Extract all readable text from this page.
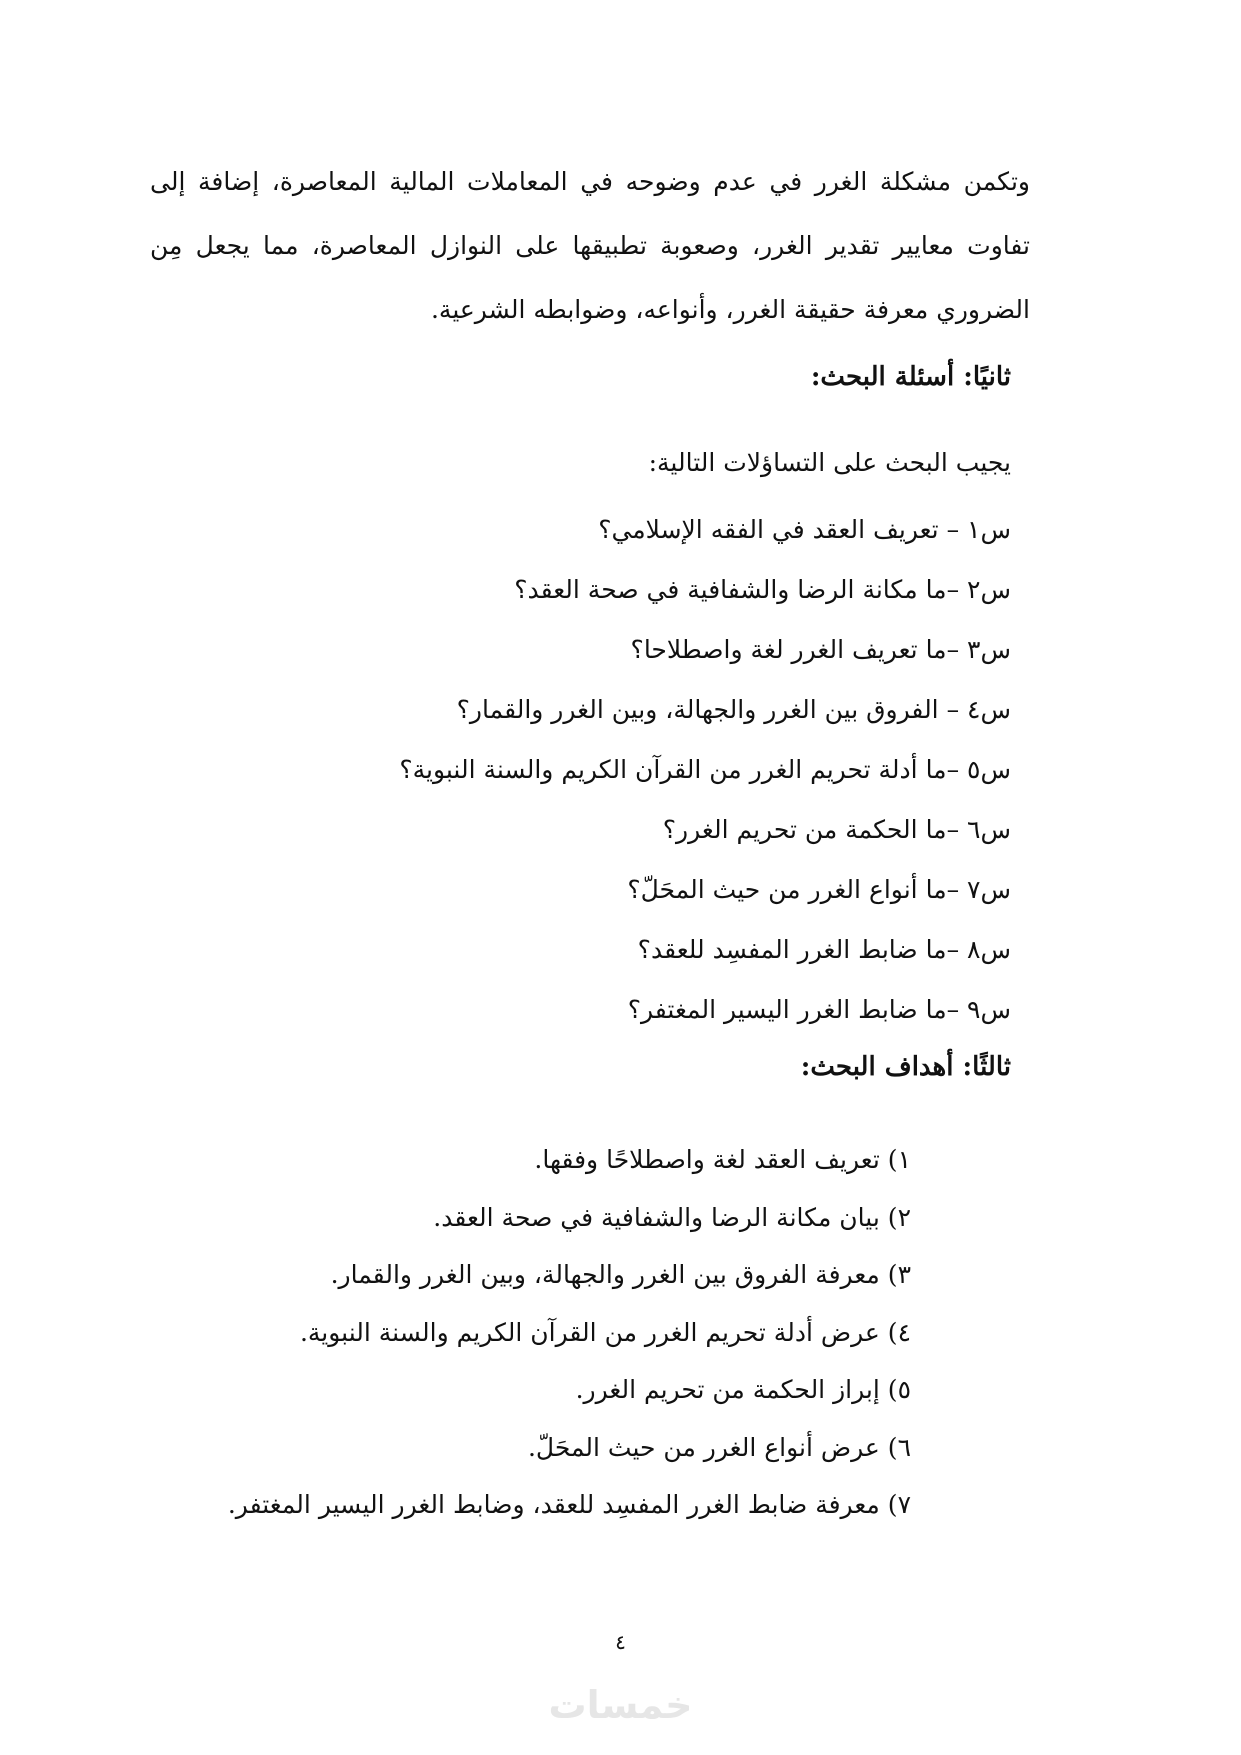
وتكمن مشكلة الغرر في عدم وضوحه في المعاملات المالية المعاصرة، إضافة إلى تفاوت معايير تقدير الغرر، وصعوبة تطبيقها على النوازل المعاصرة، مما يجعل مِن الضروري معرفة حقيقة الغرر، وأنواعه، وضوابطه الشرعية.

ثانيًا: أسئلة البحث:
يجيب البحث على التساؤلات التالية:
س١ – تعريف العقد في الفقه الإسلامي؟
س٢ –ما مكانة الرضا والشفافية في صحة العقد؟
س٣ –ما تعريف الغرر لغة واصطلاحا؟
س٤ – الفروق بين الغرر والجهالة، وبين الغرر والقمار؟
س٥ –ما أدلة تحريم الغرر من القرآن الكريم والسنة النبوية؟
س٦ –ما الحكمة من تحريم الغرر؟
س٧ –ما أنواع الغرر من حيث المحَلّ؟
س٨ –ما ضابط الغرر المفسِد للعقد؟
س٩ –ما ضابط الغرر اليسير المغتفر؟
ثالثًا: أهداف البحث:
١)تعريف العقد لغة واصطلاحًا وفقها.
٢)بيان مكانة الرضا والشفافية في صحة العقد.
٣)معرفة الفروق بين الغرر والجهالة، وبين الغرر والقمار.
٤)عرض أدلة تحريم الغرر من القرآن الكريم والسنة النبوية.
٥)إبراز الحكمة من تحريم الغرر.
٦)عرض أنواع الغرر من حيث المحَلّ.
٧)معرفة ضابط الغرر المفسِد للعقد، وضابط الغرر اليسير المغتفر.
٤
خمسات
